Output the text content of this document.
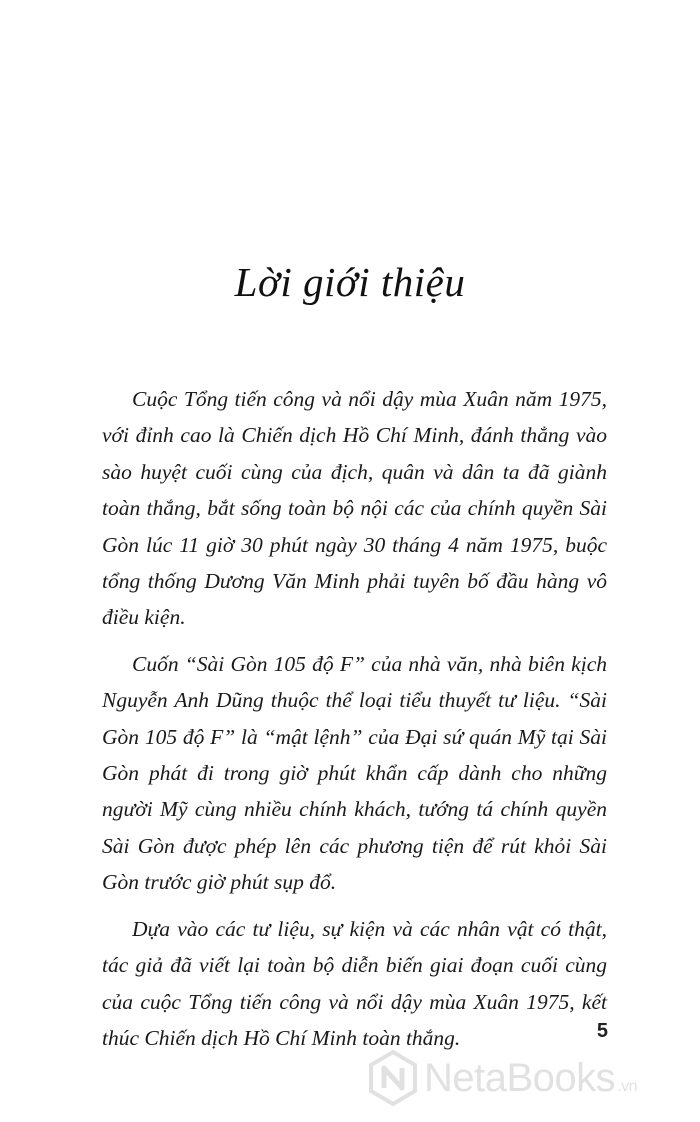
Lời giới thiệu

Cuộc Tổng tiến công và nổi dậy mùa Xuân năm 1975, với đỉnh cao là Chiến dịch Hồ Chí Minh, đánh thẳng vào sào huyệt cuối cùng của địch, quân và dân ta đã giành toàn thắng, bắt sống toàn bộ nội các của chính quyền Sài Gòn lúc 11 giờ 30 phút ngày 30 tháng 4 năm 1975, buộc tổng thống Dương Văn Minh phải tuyên bố đầu hàng vô điều kiện.

Cuốn “Sài Gòn 105 độ F” của nhà văn, nhà biên kịch Nguyễn Anh Dũng thuộc thể loại tiểu thuyết tư liệu. “Sài Gòn 105 độ F” là “mật lệnh” của Đại sứ quán Mỹ tại Sài Gòn phát đi trong giờ phút khẩn cấp dành cho những người Mỹ cùng nhiều chính khách, tướng tá chính quyền Sài Gòn được phép lên các phương tiện để rút khỏi Sài Gòn trước giờ phút sụp đổ.

Dựa vào các tư liệu, sự kiện và các nhân vật có thật, tác giả đã viết lại toàn bộ diễn biến giai đoạn cuối cùng của cuộc Tổng tiến công và nổi dậy mùa Xuân 1975, kết thúc Chiến dịch Hồ Chí Minh toàn thắng.	5
NetaBooks .vn
